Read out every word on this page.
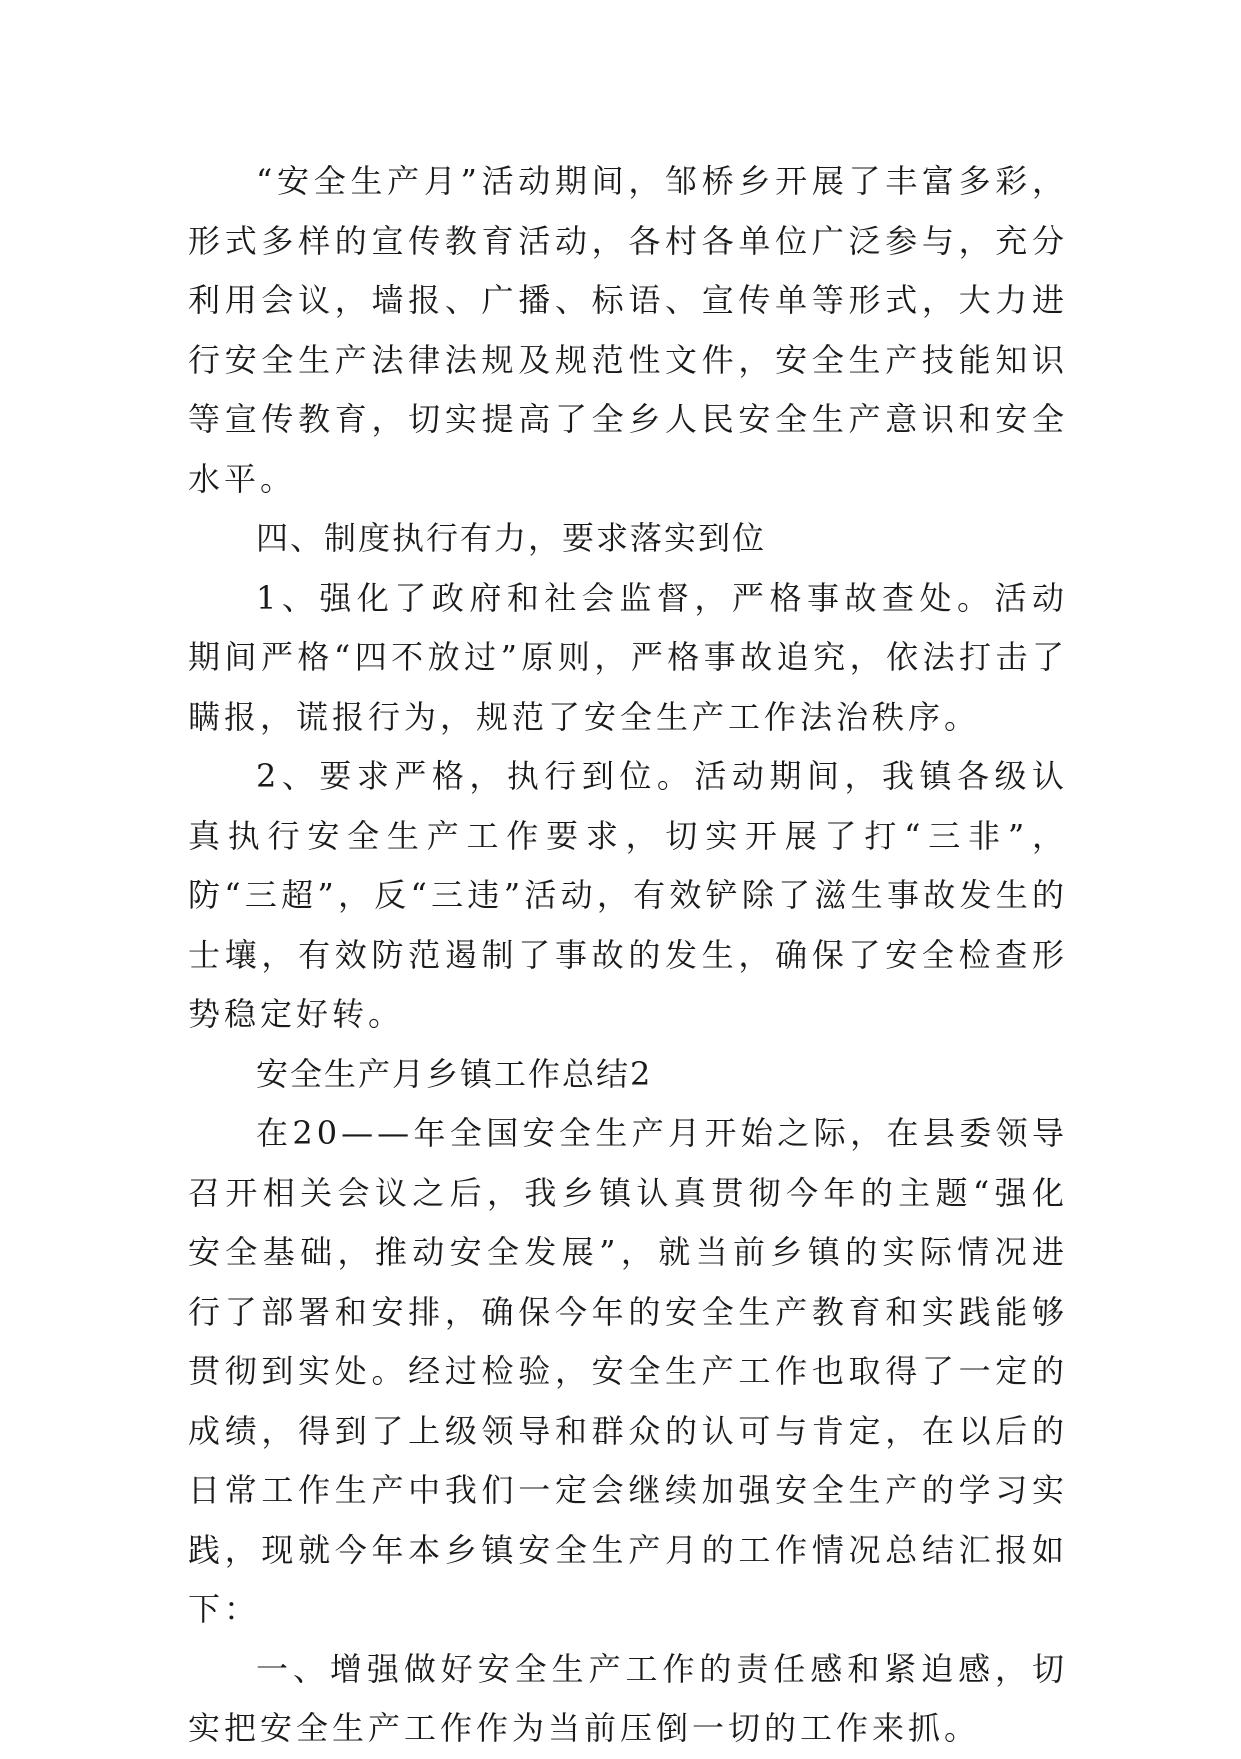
“安全生产月”活动期间，邹桥乡开展了丰富多彩，形式多样的宣传教育活动，各村各单位广泛参与，充分利用会议，墙报、广播、标语、宣传单等形式，大力进行安全生产法律法规及规范性文件，安全生产技能知识等宣传教育，切实提高了全乡人民安全生产意识和安全水平。

四、制度执行有力，要求落实到位

1、强化了政府和社会监督，严格事故查处。活动期间严格“四不放过”原则，严格事故追究，依法打击了瞒报，谎报行为，规范了安全生产工作法治秩序。

2、要求严格，执行到位。活动期间，我镇各级认真执行安全生产工作要求，切实开展了打“三非”，防“三超”，反“三违”活动，有效铲除了滋生事故发生的士壤，有效防范遏制了事故的发生，确保了安全检查形势稳定好转。

安全生产月乡镇工作总结2

在20——年全国安全生产月开始之际，在县委领导召开相关会议之后，我乡镇认真贯彻今年的主题“强化安全基础，推动安全发展”，就当前乡镇的实际情况进行了部署和安排，确保今年的安全生产教育和实践能够贯彻到实处。经过检验，安全生产工作也取得了一定的成绩，得到了上级领导和群众的认可与肯定，在以后的日常工作生产中我们一定会继续加强安全生产的学习实践，现就今年本乡镇安全生产月的工作情况总结汇报如下：

一、增强做好安全生产工作的责任感和紧迫感，切实把安全生产工作作为当前压倒一切的工作来抓。
